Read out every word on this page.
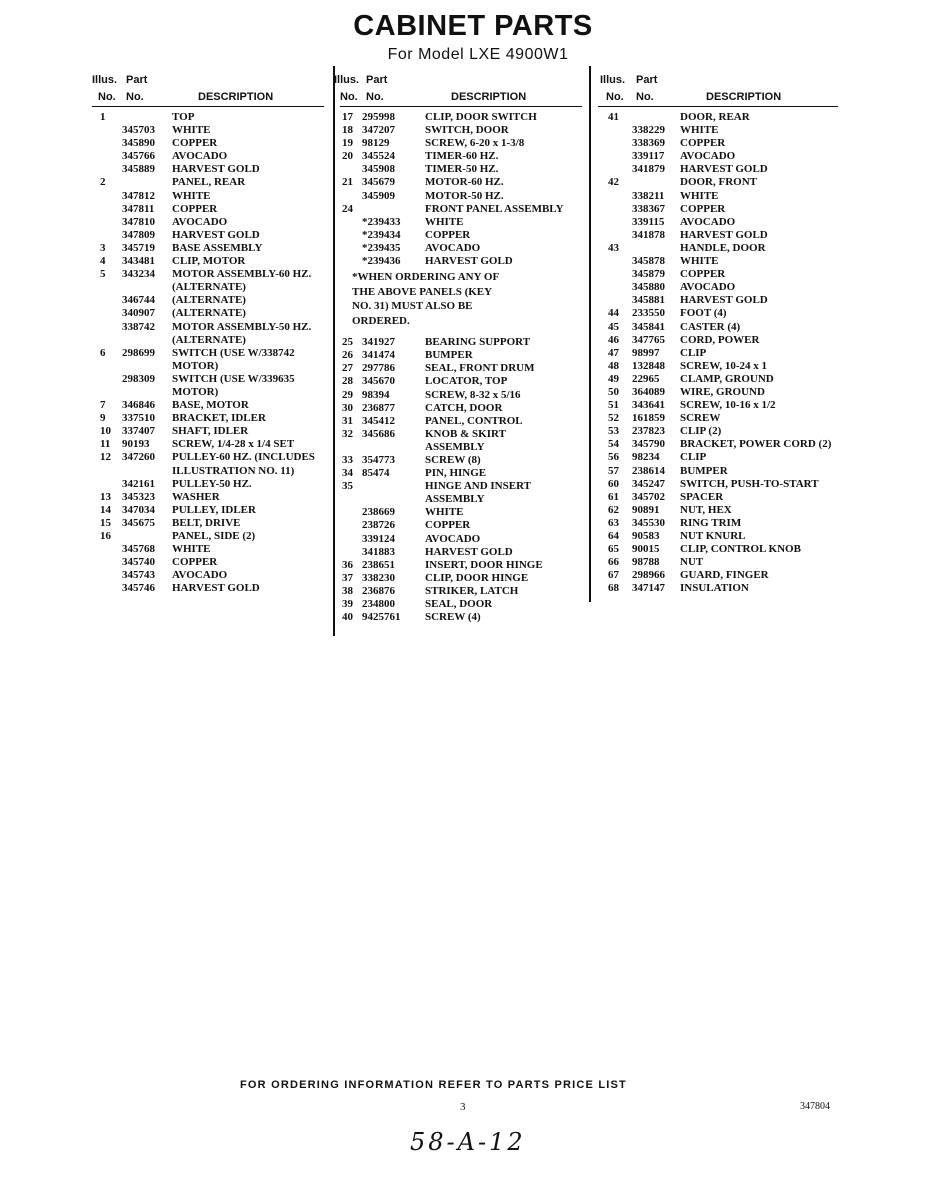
CABINET PARTS
For Model LXE 4900W1
Illus. Part
No. No.	DESCRIPTION
1	TOP
345703 WHITE
345890 COPPER
345766 AVOCADO
345889 HARVEST GOLD
2	PANEL, REAR
347812 WHITE
347811 COPPER
347810 AVOCADO
347809 HARVEST GOLD
3 345719 BASE ASSEMBLY
4 343481 CLIP, MOTOR
5 343234 MOTOR ASSEMBLY-60 HZ.
(ALTERNATE)
346744 (ALTERNATE)
340907 (ALTERNATE)
338742 MOTOR ASSEMBLY-50 HZ.
(ALTERNATE)
6 298699 SWITCH (USE W/338742
MOTOR)
298309 SWITCH (USE W/339635
MOTOR)
7 346846 BASE, MOTOR
9 337510 BRACKET, IDLER
10 337407 SHAFT, IDLER
11 90193 SCREW, 1/4-28 x 1/4 SET
12 347260 PULLEY-60 HZ. (INCLUDES
ILLUSTRATION NO. 11)
342161 PULLEY-50 HZ.
13 345323 WASHER
14 347034 PULLEY, IDLER
15 345675 BELT, DRIVE
16	PANEL, SIDE (2)
345768 WHITE
345740 COPPER
345743 AVOCADO
345746 HARVEST GOLD
Illus. Part
No. No.	DESCRIPTION
17 295998	CLIP, DOOR SWITCH
18 347207	SWITCH, DOOR
19 98129	SCREW, 6-20 x 1-3/8
20 345524	TIMER-60 HZ.
345908	TIMER-50 HZ.
21 345679	MOTOR-60 HZ.
345909	MOTOR-50 HZ.
24	FRONT PANEL ASSEMBLY
*239433 WHITE
*239434 COPPER
*239435 AVOCADO
*239436 HARVEST GOLD
*WHEN ORDERING ANY OF THE ABOVE PANELS (KEY NO. 31) MUST ALSO BE ORDERED.
25 341927	BEARING SUPPORT
26 341474	BUMPER
27 297786	SEAL, FRONT DRUM
28 345670	LOCATOR, TOP
29 98394	SCREW, 8-32 x 5/16
30 236877	CATCH, DOOR
31 345412	PANEL, CONTROL
32 345686	KNOB & SKIRT
ASSEMBLY
33 354773	SCREW (8)
34 85474	PIN, HINGE
35	HINGE AND INSERT
ASSEMBLY
238669	WHITE
238726	COPPER
339124	AVOCADO
341883	HARVEST GOLD
36 238651	INSERT, DOOR HINGE
37 338230	CLIP, DOOR HINGE
38 236876	STRIKER, LATCH
39 234800	SEAL, DOOR
40 9425761 SCREW (4)
Illus. Part
No. No.	DESCRIPTION
41	DOOR, REAR
338229 WHITE
338369 COPPER
339117 AVOCADO
341879 HARVEST GOLD
42	DOOR, FRONT
338211 WHITE
338367 COPPER
339115 AVOCADO
341878 HARVEST GOLD
43	HANDLE, DOOR
345878 WHITE
345879 COPPER
345880 AVOCADO
345881 HARVEST GOLD
44 233550 FOOT (4)
45 345841 CASTER (4)
46 347765 CORD, POWER
47 98997 CLIP
48 132848 SCREW, 10-24 x 1
49 22965 CLAMP, GROUND
50 364089 WIRE, GROUND
51 343641 SCREW, 10-16 x 1/2
52 161859 SCREW
53 237823 CLIP (2)
54 345790 BRACKET, POWER CORD (2)
56 98234 CLIP
57 238614 BUMPER
60 345247 SWITCH, PUSH-TO-START
61 345702 SPACER
62 90891 NUT, HEX
63 345530 RING TRIM
64 90583 NUT KNURL
65 90015 CLIP, CONTROL KNOB
66 98788 NUT
67 298966 GUARD, FINGER
68 347147 INSULATION
FOR ORDERING INFORMATION REFER TO PARTS PRICE LIST
3	347804
58-A-12
